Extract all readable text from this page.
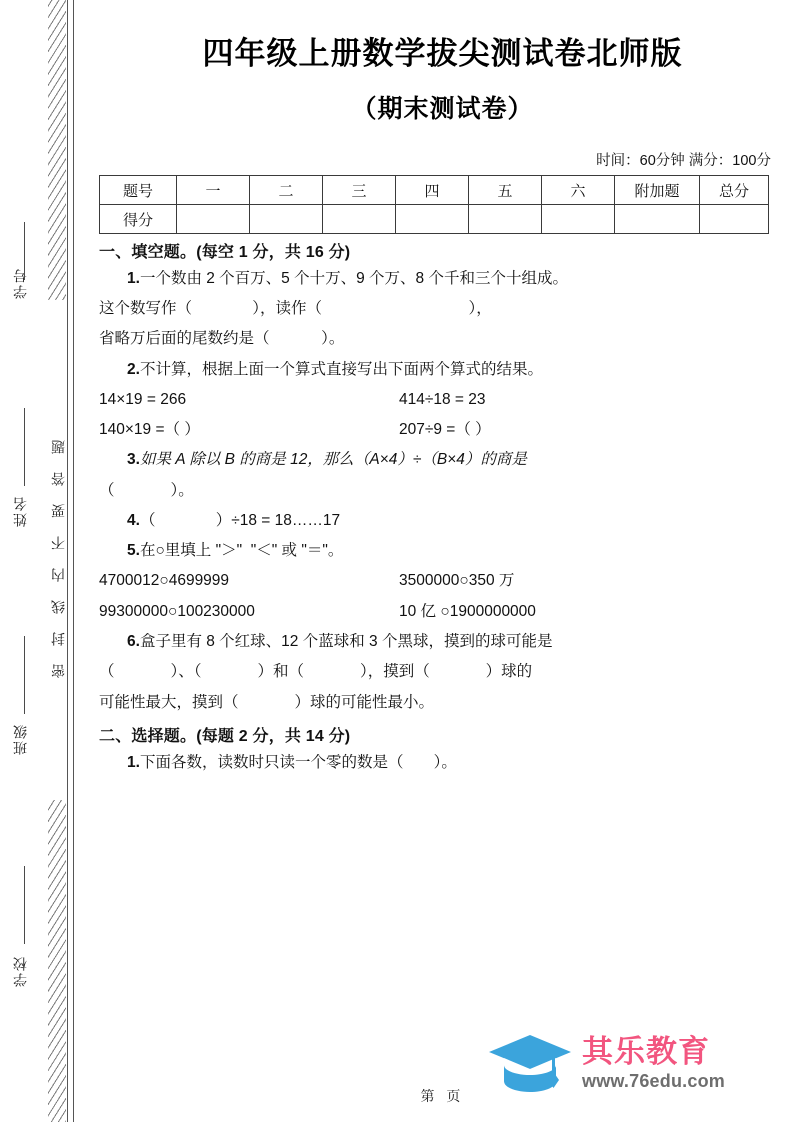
学号
姓名
班级
学校
密封线内不要答题
四年级上册数学拔尖测试卷北师版
（期末测试卷）
时间：60分钟 满分：100分
题号	一	二	三	四	五	六	附加题	总分
得分								
一、填空题。(每空 1 分，共 16 分)
1.一个数由 2 个百万、5 个十万、9 个万、8 个千和三个十组成。
这个数写作（              ），读作（                                  ），
省略万后面的尾数约是（            ）。
2.不计算，根据上面一个算式直接写出下面两个算式的结果。
14×19 = 266	414÷18 = 23
140×19 =（ ）	207÷9 =（ ）
3.如果 A 除以 B 的商是 12，那么（A×4）÷（B×4）的商是
（             ）。
4.（              ）÷18 = 18……17
5.在○里填上 "＞"  "＜" 或 "＝"。
4700012○4699999	3500000○350 万
99300000○100230000	10 亿 ○1900000000
6.盒子里有 8 个红球、12 个蓝球和 3 个黑球，摸到的球可能是
（             ）、（             ）和（             ），摸到（             ）球的
可能性最大，摸到（             ）球的可能性最小。
二、选择题。(每题 2 分，共 14 分)
1.下面各数，读数时只读一个零的数是（       ）。
其乐教育
www.76edu.com
第 页
